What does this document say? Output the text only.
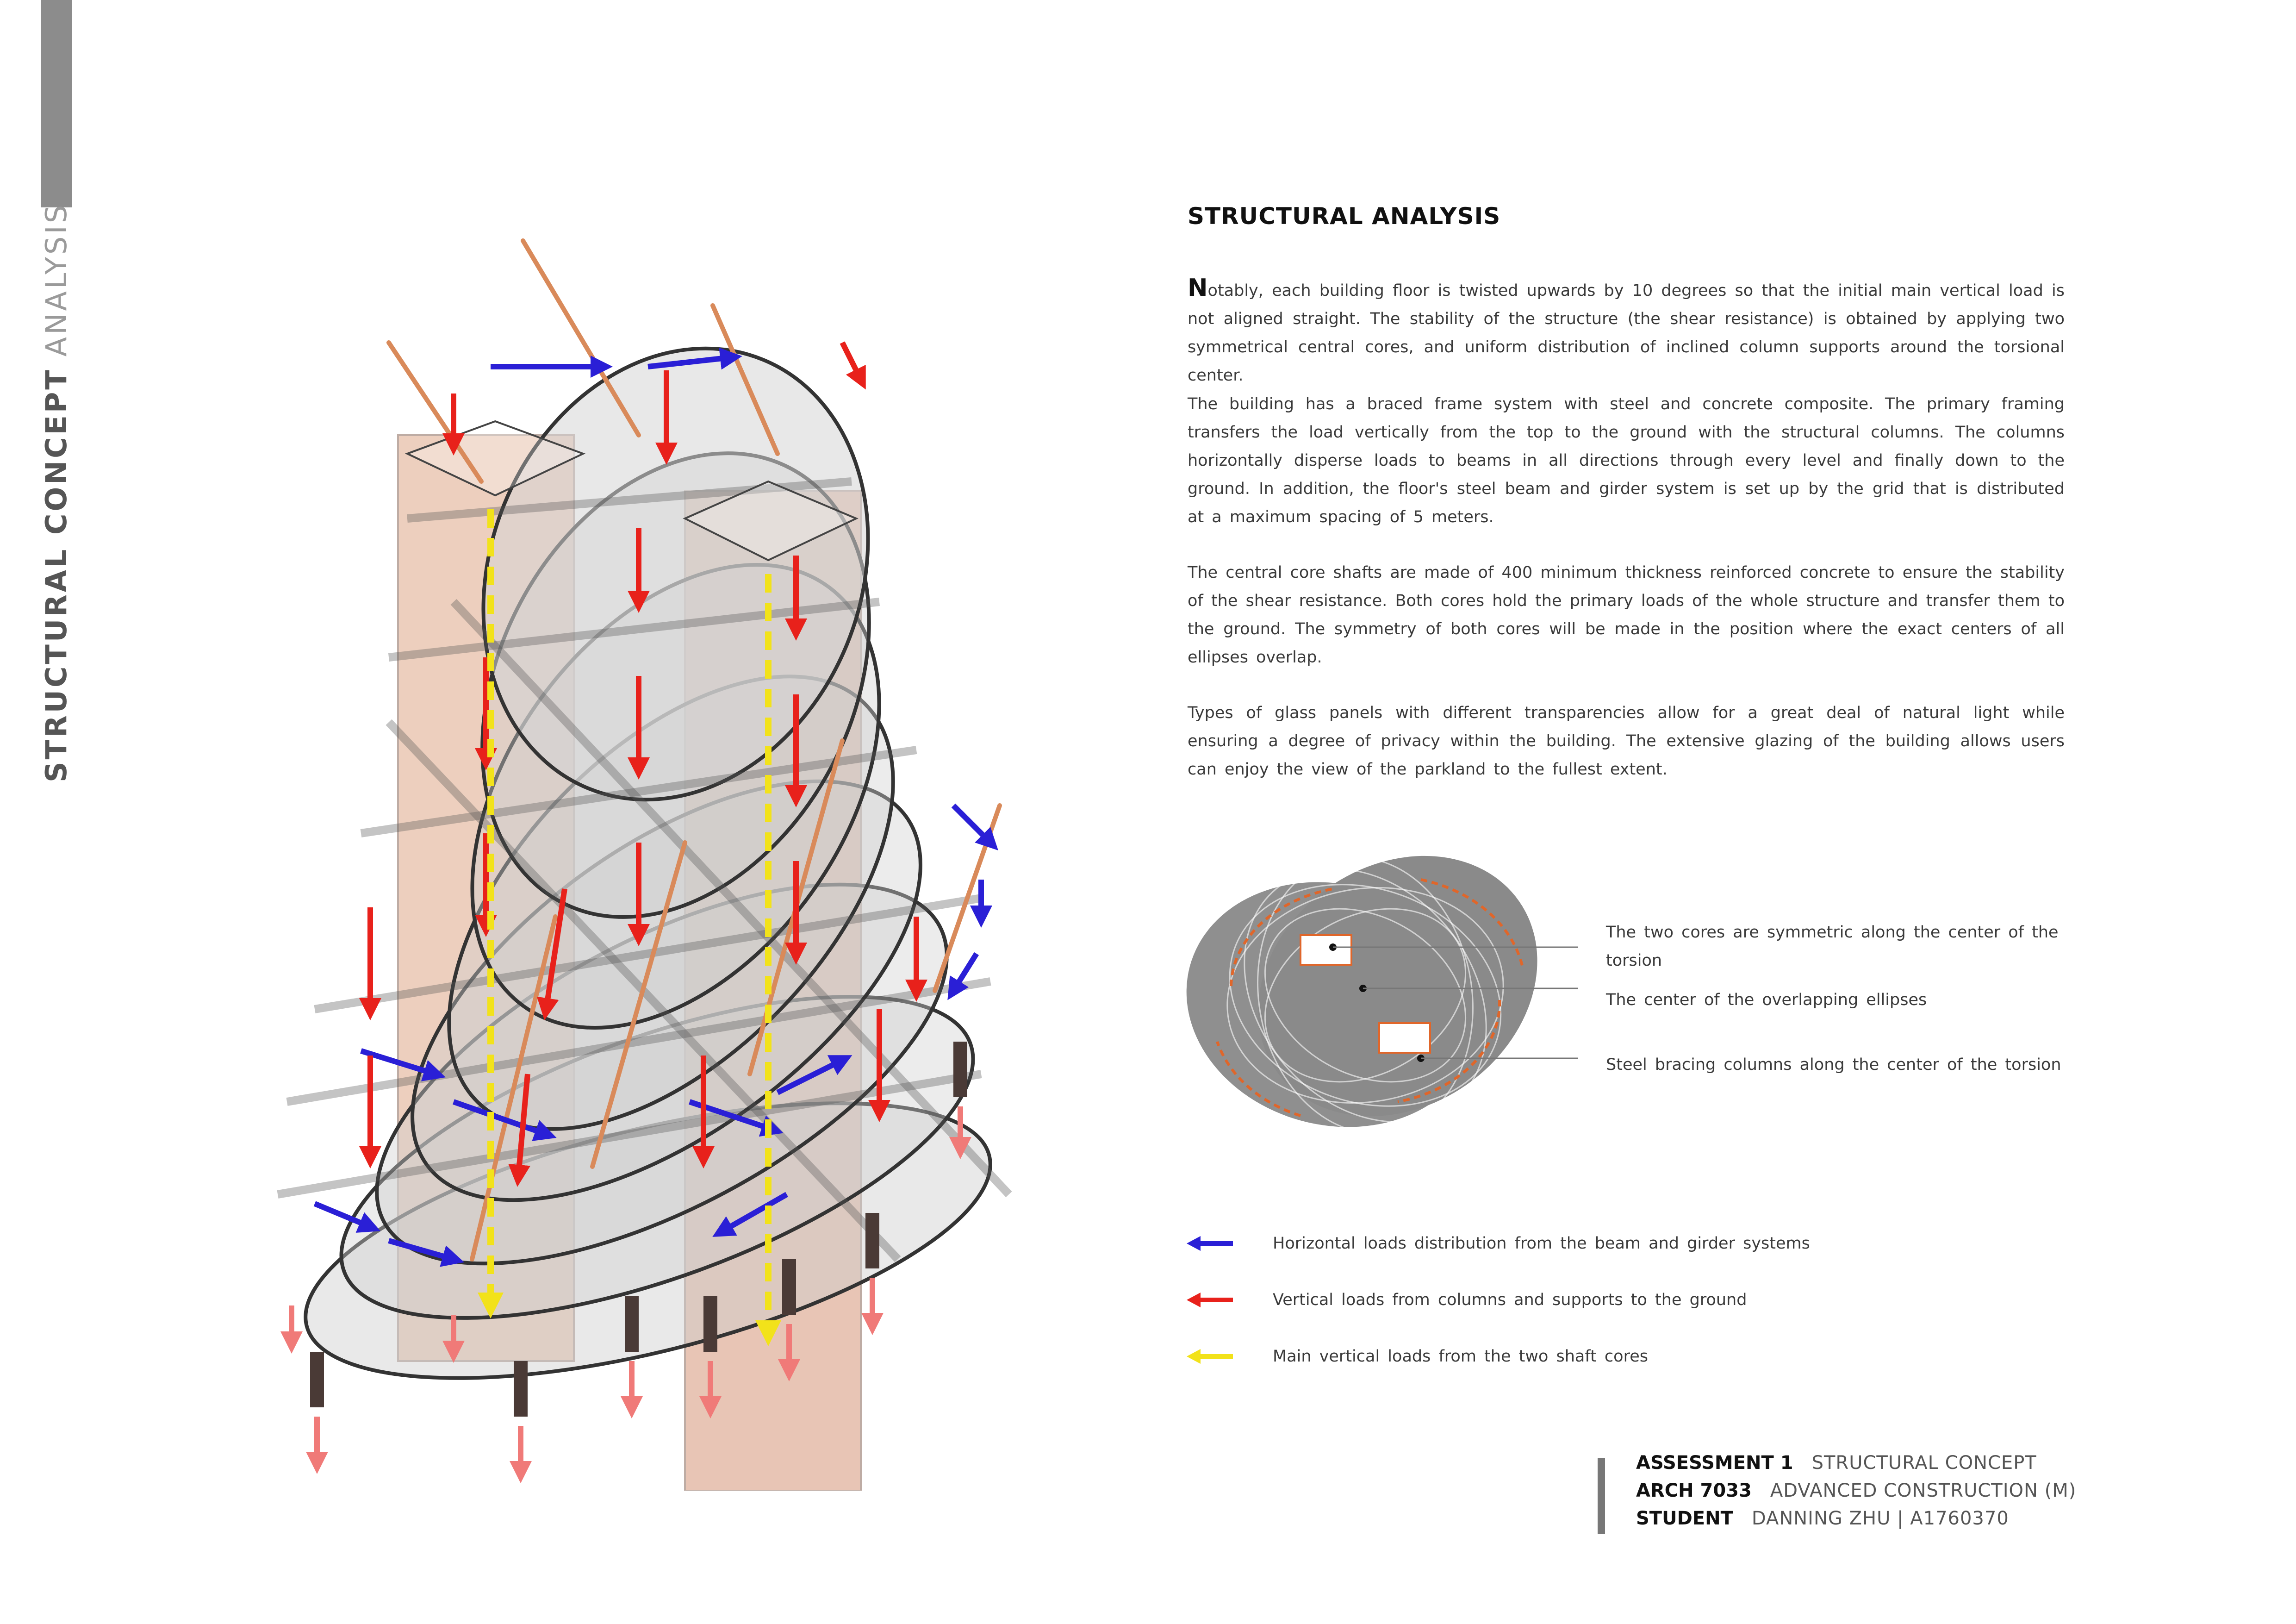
STRUCTURAL CONCEPTANALYSIS	STRUCTURAL ANALYSIS

Notably, each building floor is twisted upwards by 10 degrees so that the initial main vertical load is not aligned straight. The stability of the structure (the shear resistance) is obtained by applying two symmetrical central cores, and uniform distribution of inclined column supports around the torsional center.

The building has a braced frame system with steel and concrete composite. The primary framing transfers the load vertically from the top to the ground with the structural columns. The columns horizontally disperse loads to beams in all directions through every level and finally down to the ground. In addition, the floor's steel beam and girder system is set up by the grid that is distributed at a maximum spacing of 5 meters.

The central core shafts are made of 400 minimum thickness reinforced concrete to ensure the stability of the shear resistance. Both cores hold the primary loads of the whole structure and transfer them to the ground. The symmetry of both cores will be made in the position where the exact centers of all ellipses overlap.

Types of glass panels with different transparencies allow for a great deal of natural light while ensuring a degree of privacy within the building. The extensive glazing of the building allows users can enjoy the view of the parkland to the fullest extent.

The two cores are symmetric along the center of the torsion
The center of the overlapping ellipses
Steel bracing columns along the center of the torsion
Horizontal loads distribution from the beam and girder systems
Vertical loads from columns and supports to the ground
Main vertical loads from the two shaft cores
ASSESSMENT 1 STRUCTURAL CONCEPT
ARCH 7033 ADVANCED CONSTRUCTION (M)
STUDENT DANNING ZHU | A1760370
